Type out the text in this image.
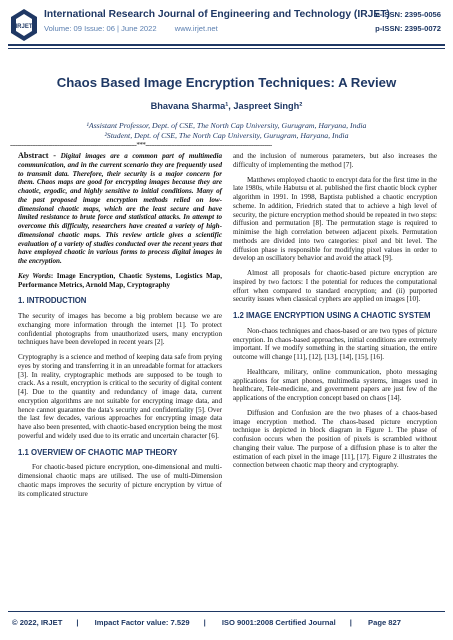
IRJET
International Research Journal of Engineering and Technology (IRJET)
Volume: 09 Issue: 06 | June 2022 www.irjet.net
e-ISSN: 2395-0056
p-ISSN: 2395-0072
Chaos Based Image Encryption Techniques: A Review
Bhavana Sharma¹, Jaspreet Singh²
¹Assistant Professor, Dept. of CSE, The North Cap University, Gurugram, Haryana, India
²Student, Dept. of CSE, The North Cap University, Gurugram, Haryana, India
---------------------------------------------------------------------***---------------------------------------------------------------------

Abstract - Digital images are a common part of multimedia communication, and in the current scenario they are frequently used to transmit data. Therefore, their security is a major concern for them. Chaos maps are good for encrypting images because they are chaotic, ergodic, and highly sensitive to initial conditions. Many of the past proposed image encryption methods relied on low-dimensional chaotic maps, which are the least secure and have limited resistance to brute force and statistical attacks. In attempt to overcome this difficulty, researchers have created a variety of high-dimensional chaotic maps. This review article gives a scientific evaluation of a variety of studies conducted over the recent years that have employed chaotic in various forms to process digital images in the encryption.

Key Words: Image Encryption, Chaotic Systems, Logistics Map, Performance Metrics, Arnold Map, Cryptography

1. INTRODUCTION

The security of images has become a big problem because we are exchanging more information through the internet [1]. To protect confidential photographs from unauthorized users, many encryption techniques have been developed in recent years [2].

Cryptography is a science and method of keeping data safe from prying eyes by storing and transferring it in an unreadable format for attackers [3]. In reality, cryptographic methods are supposed to be tough to crack. As a result, encryption is critical to the security of digital content [4]. Due to the quantity and redundancy of image data, current encryption algorithms are not suitable for encrypting image data, and hence cannot guarantee the data's security and confidentiality [5]. Over the last few decades, various approaches for encrypting image data have also been presented, with chaotic-based encryption being the most powerful and widely used due to its erratic and uncertain character [6].

1.1 OVERVIEW OF CHAOTIC MAP THEORY

For chaotic-based picture encryption, one-dimensional and multi-dimensional chaotic maps are utilised. The use of multi-Dimension chaotic maps improves the security of picture encryption by virtue of its complicated structure

and the inclusion of numerous parameters, but also increases the difficulty of implementing the method [7].

Matthews employed chaotic to encrypt data for the first time in the late 1980s, while Habutsu et al. published the first chaotic block cypher algorithm in 1991. In 1998, Baptista published a chaotic encryption scheme. In addition, Friedrich stated that to achieve a high level of security, the picture encryption method should be repeated in two steps: diffusion and permutation [8]. The permutation stage is required to minimise the high correlation between adjacent pixels. Permutation methods are divided into two categories: pixel and bit level. The diffusion phase is responsible for modifying pixel values in order to develop an oscillatory behavior and avoid the attack [9].

Almost all proposals for chaotic-based picture encryption are inspired by two factors: I the potential for reduces the computational effort when compared to standard encryption; and (ii) purported security issues when classical cyphers are applied on images [10].

1.2 IMAGE ENCRYPTION USING A CHAOTIC SYSTEM

Non-chaos techniques and chaos-based or are two types of picture encryption. In chaos-based approaches, initial conditions are extremely important. If we modify something in the starting situation, the entire outcome will change [11], [12], [13], [14], [15], [16].

Healthcare, military, online communication, photo messaging applications for smart phones, multimedia systems, images used in healthcare, Tele-medicine, and government papers are just few of the applications of the encryption concept based on chaos [14].

Diffusion and Confusion are the two phases of a chaos-based image encryption method. The chaos-based picture encryption technique is depicted in block diagram in Figure 1. The phase of confusion occurs when the position of pixels is scrambled without changing their value. The purpose of a diffusion phase is to alter the estimation of each pixel in the image [11], [17]. Figure 2 illustrates the connection between chaotic map theory and cryptography.

© 2022, IRJET | Impact Factor value: 7.529 | ISO 9001:2008 Certified Journal | Page 827
